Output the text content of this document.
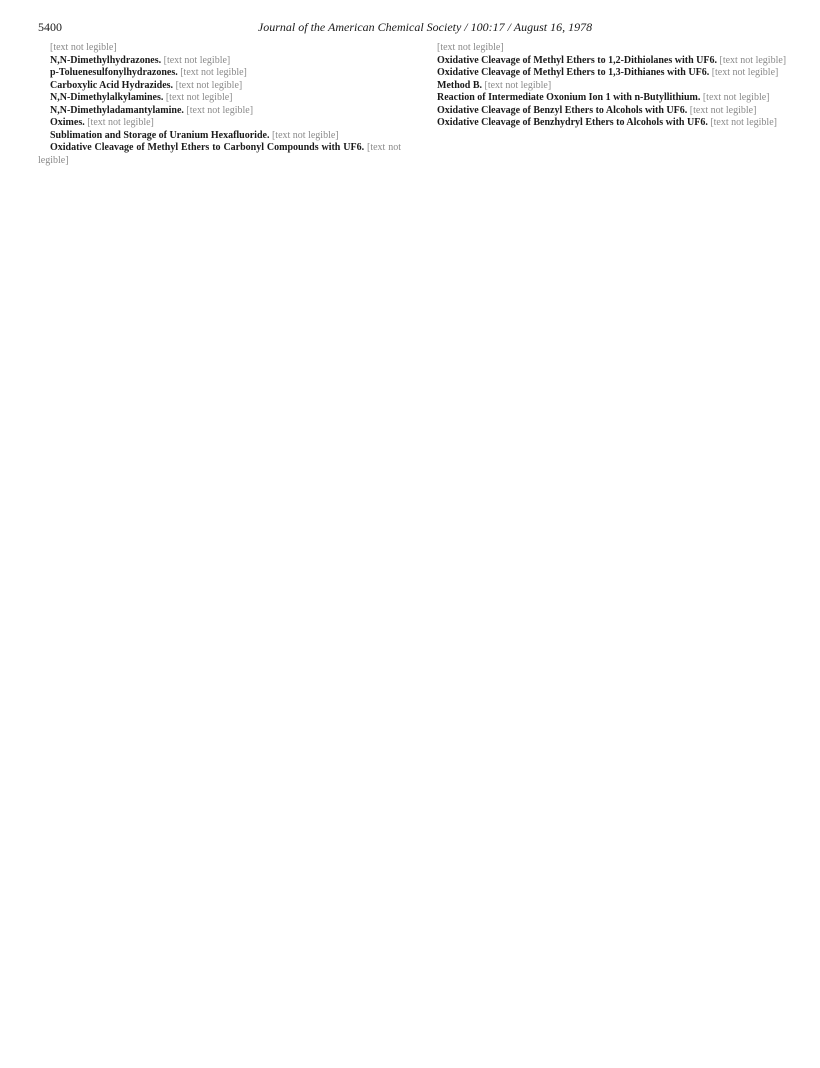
5400	Journal of the American Chemical Society / 100:17 / August 16, 1978

[text not legible]

N,N-Dimethylhydrazones. [text not legible]

p-Toluenesulfonylhydrazones. [text not legible]

Carboxylic Acid Hydrazides. [text not legible]

N,N-Dimethylalkylamines. [text not legible]

N,N-Dimethyladamantylamine. [text not legible]

Oximes. [text not legible]

Sublimation and Storage of Uranium Hexafluoride. [text not legible]

Oxidative Cleavage of Methyl Ethers to Carbonyl Compounds with UF6. [text not legible]

[text not legible]

Oxidative Cleavage of Methyl Ethers to 1,2-Dithiolanes with UF6. [text not legible]

Oxidative Cleavage of Methyl Ethers to 1,3-Dithianes with UF6. [text not legible]

Method B. [text not legible]

Reaction of Intermediate Oxonium Ion 1 with n-Butyllithium. [text not legible]

Oxidative Cleavage of Benzyl Ethers to Alcohols with UF6. [text not legible]

Oxidative Cleavage of Benzhydryl Ethers to Alcohols with UF6. [text not legible]
